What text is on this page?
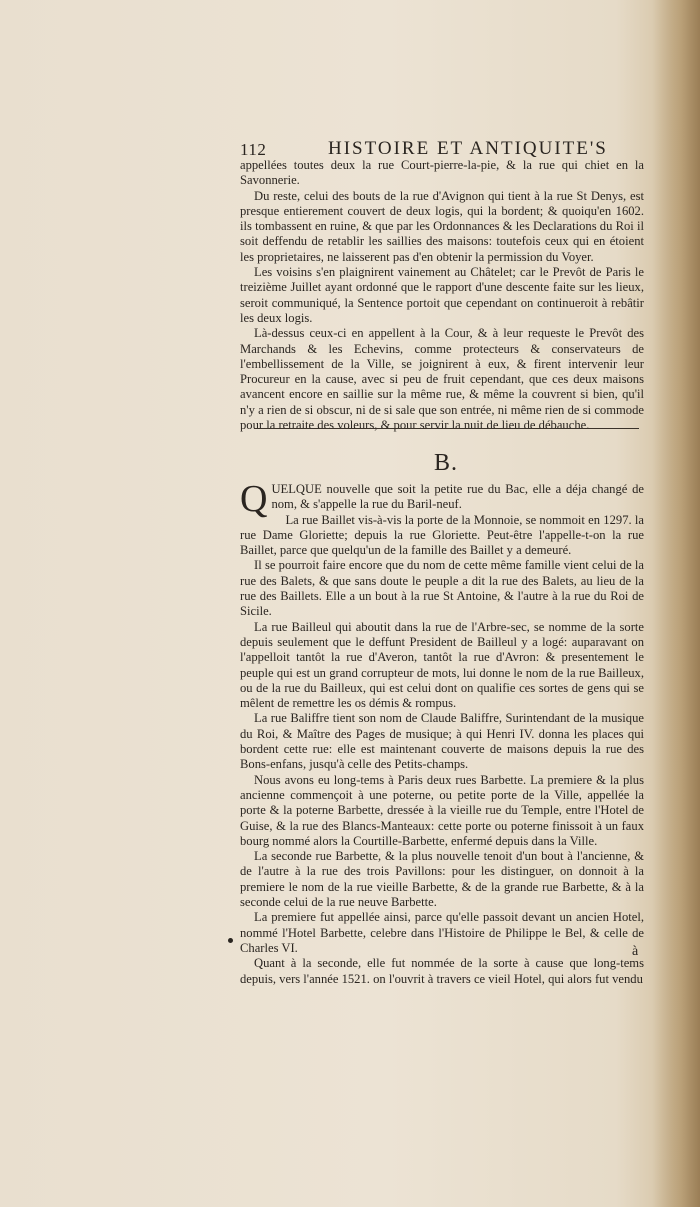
112	HISTOIRE ET ANTIQUITE'S

appellées toutes deux la rue Court-pierre-la-pie, & la rue qui chiet en la Savonnerie.

Du reste, celui des bouts de la rue d'Avignon qui tient à la rue St Denys, est presque entierement couvert de deux logis, qui la bordent; & quoiqu'en 1602. ils tombassent en ruine, & que par les Ordonnances & les Declarations du Roi il soit deffendu de retablir les saillies des maisons: toutefois ceux qui en étoient les proprietaires, ne laisserent pas d'en obtenir la permission du Voyer.

Les voisins s'en plaignirent vainement au Châtelet; car le Prevôt de Paris le treizième Juillet ayant ordonné que le rapport d'une descente faite sur les lieux, seroit communiqué, la Sentence portoit que cependant on continueroit à rebâtir les deux logis.

Là-dessus ceux-ci en appellent à la Cour, & à leur requeste le Prevôt des Marchands & les Echevins, comme protecteurs & conservateurs de l'embellissement de la Ville, se joignirent à eux, & firent intervenir leur Procureur en la cause, avec si peu de fruit cependant, que ces deux maisons avancent encore en saillie sur la même rue, & même la couvrent si bien, qu'il n'y a rien de si obscur, ni de si sale que son entrée, ni même rien de si commode pour la retraite des voleurs, & pour servir la nuit de lieu de débauche.

B.

Q UELQUE nouvelle que soit la petite rue du Bac, elle a déja changé de nom, & s'appelle la rue du Baril-neuf.

La rue Baillet vis-à-vis la porte de la Monnoie, se nommoit en 1297. la rue Dame Gloriette; depuis la rue Gloriette. Peut-être l'appelle-t-on la rue Baillet, parce que quelqu'un de la famille des Baillet y a demeuré.

Il se pourroit faire encore que du nom de cette même famille vient celui de la rue des Balets, & que sans doute le peuple a dit la rue des Balets, au lieu de la rue des Baillets. Elle a un bout à la rue St Antoine, & l'autre à la rue du Roi de Sicile.

La rue Bailleul qui aboutit dans la rue de l'Arbre-sec, se nomme de la sorte depuis seulement que le deffunt President de Bailleul y a logé: auparavant on l'appelloit tantôt la rue d'Averon, tantôt la rue d'Avron: & presentement le peuple qui est un grand corrupteur de mots, lui donne le nom de la rue Bailleux, ou de la rue du Bailleux, qui est celui dont on qualifie ces sortes de gens qui se mêlent de remettre les os démis & rompus.

La rue Baliffre tient son nom de Claude Baliffre, Surintendant de la musique du Roi, & Maître des Pages de musique; à qui Henri IV. donna les places qui bordent cette rue: elle est maintenant couverte de maisons depuis la rue des Bons-enfans, jusqu'à celle des Petits-champs.

Nous avons eu long-tems à Paris deux rues Barbette. La premiere & la plus ancienne commençoit à une poterne, ou petite porte de la Ville, appellée la porte & la poterne Barbette, dressée à la vieille rue du Temple, entre l'Hotel de Guise, & la rue des Blancs-Manteaux: cette porte ou poterne finissoit à un faux bourg nommé alors la Courtille-Barbette, enfermé depuis dans la Ville.

La seconde rue Barbette, & la plus nouvelle tenoit d'un bout à l'ancienne, & de l'autre à la rue des trois Pavillons: pour les distinguer, on donnoit à la premiere le nom de la rue vieille Barbette, & de la grande rue Barbette, & à la seconde celui de la rue neuve Barbette.

La premiere fut appellée ainsi, parce qu'elle passoit devant un ancien Hotel, nommé l'Hotel Barbette, celebre dans l'Histoire de Philippe le Bel, & celle de Charles VI.

Quant à la seconde, elle fut nommée de la sorte à cause que long-tems depuis, vers l'année 1521. on l'ouvrit à travers ce vieil Hotel, qui alors fut vendu

à
